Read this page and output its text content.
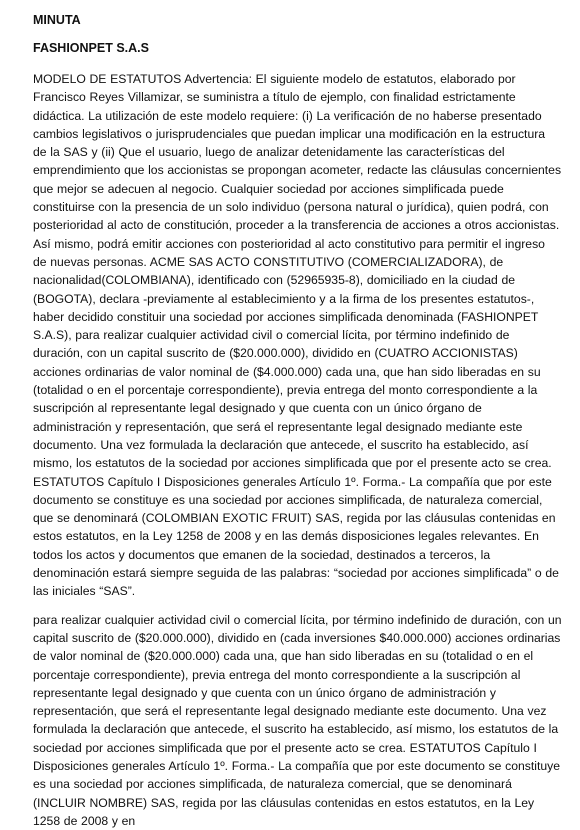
MINUTA

FASHIONPET S.A.S

MODELO DE ESTATUTOS Advertencia: El siguiente modelo de estatutos, elaborado por Francisco Reyes Villamizar, se suministra a título de ejemplo, con finalidad estrictamente didáctica. La utilización de este modelo requiere: (i) La verificación de no haberse presentado cambios legislativos o jurisprudenciales que puedan implicar una modificación en la estructura de la SAS y (ii) Que el usuario, luego de analizar detenidamente las características del emprendimiento que los accionistas se propongan acometer, redacte las cláusulas concernientes que mejor se adecuen al negocio. Cualquier sociedad por acciones simplificada puede constituirse con la presencia de un solo individuo (persona natural o jurídica), quien podrá, con posterioridad al acto de constitución, proceder a la transferencia de acciones a otros accionistas. Así mismo, podrá emitir acciones con posterioridad al acto constitutivo para permitir el ingreso de nuevas personas. ACME SAS ACTO CONSTITUTIVO (COMERCIALIZADORA), de nacionalidad(COLOMBIANA), identificado con (52965935-8), domiciliado en la ciudad de (BOGOTA), declara -previamente al establecimiento y a la firma de los presentes estatutos-, haber decidido constituir una sociedad por acciones simplificada denominada (FASHIONPET S.A.S), para realizar cualquier actividad civil o comercial lícita, por término indefinido de duración, con un capital suscrito de ($20.000.000), dividido en (CUATRO ACCIONISTAS) acciones ordinarias de valor nominal de ($4.000.000) cada una, que han sido liberadas en su (totalidad o en el porcentaje correspondiente), previa entrega del monto correspondiente a la suscripción al representante legal designado y que cuenta con un único órgano de administración y representación, que será el representante legal designado mediante este documento. Una vez formulada la declaración que antecede, el suscrito ha establecido, así mismo, los estatutos de la sociedad por acciones simplificada que por el presente acto se crea. ESTATUTOS Capítulo I Disposiciones generales Artículo 1º. Forma.- La compañía que por este documento se constituye es una sociedad por acciones simplificada, de naturaleza comercial, que se denominará (COLOMBIAN EXOTIC FRUIT) SAS, regida por las cláusulas contenidas en estos estatutos, en la Ley 1258 de 2008 y en las demás disposiciones legales relevantes. En todos los actos y documentos que emanen de la sociedad, destinados a terceros, la denominación estará siempre seguida de las palabras: “sociedad por acciones simplificada” o de las iniciales “SAS”.

para realizar cualquier actividad civil o comercial lícita, por término indefinido de duración, con un capital suscrito de ($20.000.000), dividido en (cada inversiones $40.000.000) acciones ordinarias de valor nominal de ($20.000.000) cada una, que han sido liberadas en su (totalidad o en el porcentaje correspondiente), previa entrega del monto correspondiente a la suscripción al representante legal designado y que cuenta con un único órgano de administración y representación, que será el representante legal designado mediante este documento. Una vez formulada la declaración que antecede, el suscrito ha establecido, así mismo, los estatutos de la sociedad por acciones simplificada que por el presente acto se crea. ESTATUTOS Capítulo I Disposiciones generales Artículo 1º. Forma.- La compañía que por este documento se constituye es una sociedad por acciones simplificada, de naturaleza comercial, que se denominará (INCLUIR NOMBRE) SAS, regida por las cláusulas contenidas en estos estatutos, en la Ley 1258 de 2008 y en
